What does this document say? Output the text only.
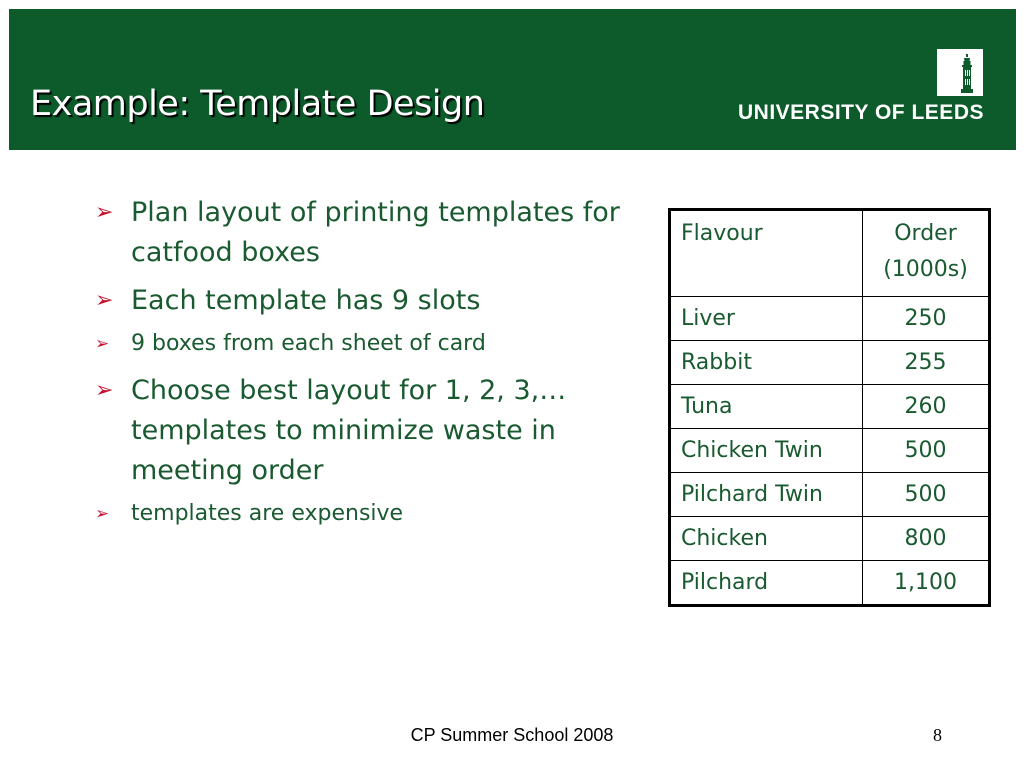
Example: Template Design	UNIVERSITY OF LEEDS
➢ Plan layout of printing templates for catfood boxes
➢ Each template has 9 slots
➢ 9 boxes from each sheet of card
➢ Choose best layout for 1, 2, 3,… templates to minimize waste in meeting order
➢ templates are expensive
Flavour	Order (1000s)
Liver	250
Rabbit	255
Tuna	260
Chicken Twin	500
Pilchard Twin	500
Chicken	800
Pilchard	1,100
CP Summer School 2008	8
